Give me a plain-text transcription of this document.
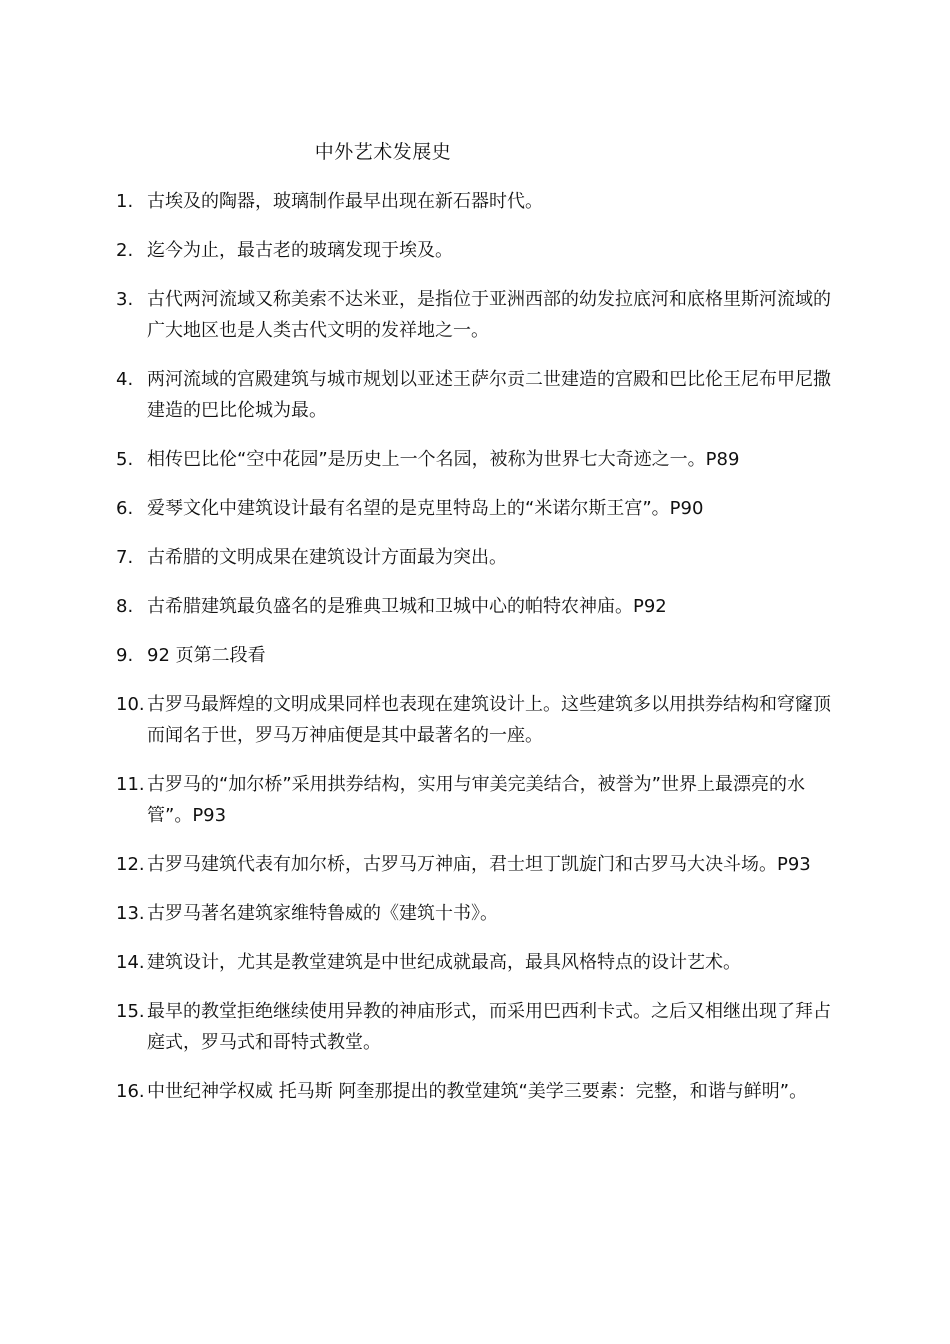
中外艺术发展史
1. 古埃及的陶器，玻璃制作最早出现在新石器时代。
2. 迄今为止，最古老的玻璃发现于埃及。
3. 古代两河流域又称美索不达米亚，是指位于亚洲西部的幼发拉底河和底格里斯河流域的广大地区也是人类古代文明的发祥地之一。
4. 两河流域的宫殿建筑与城市规划以亚述王萨尔贡二世建造的宫殿和巴比伦王尼布甲尼撒建造的巴比伦城为最。
5. 相传巴比伦“空中花园”是历史上一个名园，被称为世界七大奇迹之一。P89
6. 爱琴文化中建筑设计最有名望的是克里特岛上的“米诺尔斯王宫”。P90
7. 古希腊的文明成果在建筑设计方面最为突出。
8. 古希腊建筑最负盛名的是雅典卫城和卫城中心的帕特农神庙。P92
9. 92 页第二段看
10. 古罗马最辉煌的文明成果同样也表现在建筑设计上。这些建筑多以用拱券结构和穹窿顶而闻名于世，罗马万神庙便是其中最著名的一座。
11. 古罗马的“加尔桥”采用拱券结构，实用与审美完美结合，被誉为”世界上最漂亮的水管”。P93
12. 古罗马建筑代表有加尔桥，古罗马万神庙，君士坦丁凯旋门和古罗马大决斗场。P93
13. 古罗马著名建筑家维特鲁威的《建筑十书》。
14. 建筑设计，尤其是教堂建筑是中世纪成就最高，最具风格特点的设计艺术。
15. 最早的教堂拒绝继续使用异教的神庙形式，而采用巴西利卡式。之后又相继出现了拜占庭式，罗马式和哥特式教堂。
16. 中世纪神学权威 托马斯 阿奎那提出的教堂建筑“美学三要素：完整，和谐与鲜明”。
